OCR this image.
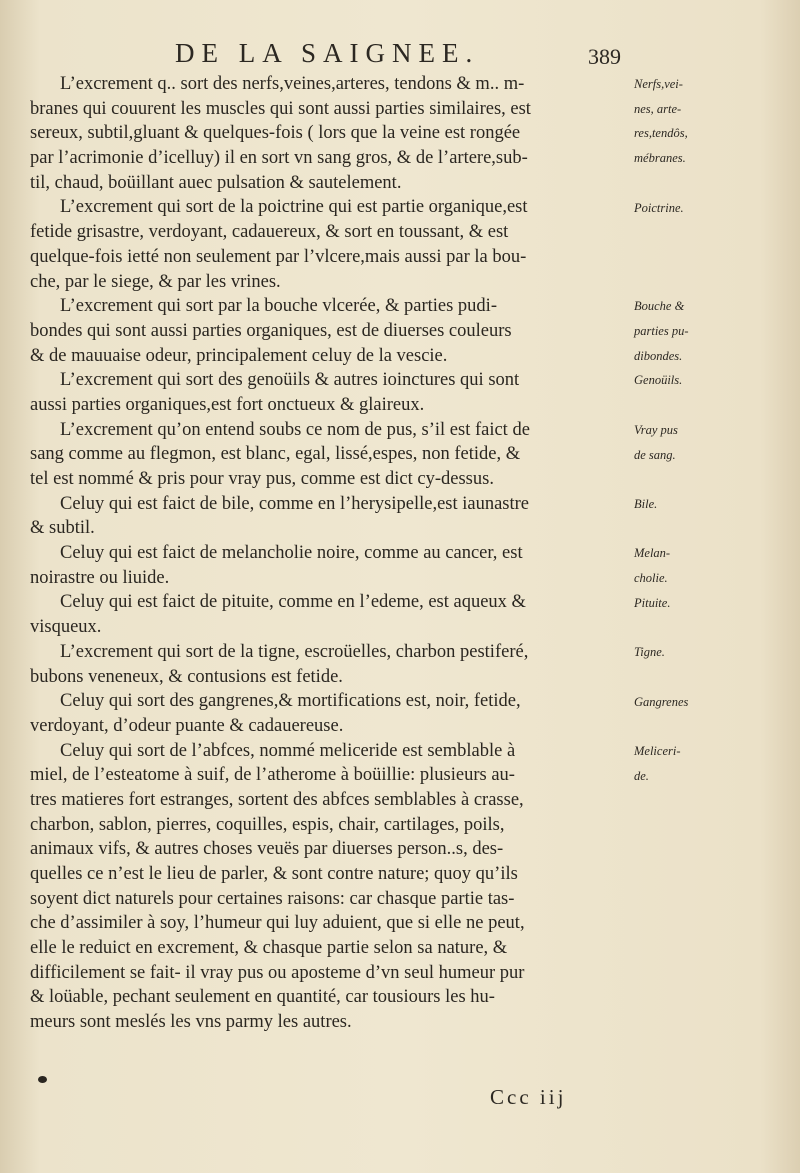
DE LA SAIGNEE.	389
L’excrement q.. sort des nerfs,veines,arteres, tendons & m.. m-
branes qui couurent les muscles qui sont aussi parties similaires, est
sereux, subtil,gluant & quelques-fois ( lors que la veine est rongée
par l’acrimonie d’icelluy) il en sort vn sang gros, & de l’artere,sub-
til, chaud, boüillant auec pulsation & sautelement.
L’excrement qui sort de la poictrine qui est partie organique,est
fetide grisastre, verdoyant, cadauereux, & sort en toussant, & est
quelque-fois ietté non seulement par l’vlcere,mais aussi par la bou-
che, par le siege, & par les vrines.
L’excrement qui sort par la bouche vlcerée, & parties pudi-
bondes qui sont aussi parties organiques, est de diuerses couleurs
& de mauuaise odeur, principalement celuy de la vescie.
L’excrement qui sort des genoüils & autres ioinctures qui sont
aussi parties organiques,est fort onctueux & glaireux.
L’excrement qu’on entend soubs ce nom de pus, s’il est faict de
sang comme au flegmon, est blanc, egal, lissé,espes, non fetide, &
tel est nommé & pris pour vray pus, comme est dict cy-dessus.
Celuy qui est faict de bile, comme en l’herysipelle,est iaunastre
& subtil.
Celuy qui est faict de melancholie noire, comme au cancer, est
noirastre ou liuide.
Celuy qui est faict de pituite, comme en l’edeme, est aqueux &
visqueux.
L’excrement qui sort de la tigne, escroüelles, charbon pestiferé,
bubons veneneux, & contusions est fetide.
Celuy qui sort des gangrenes,& mortifications est, noir, fetide,
verdoyant, d’odeur puante & cadauereuse.
Celuy qui sort de l’abfces, nommé meliceride est semblable à
miel, de l’esteatome à suif, de l’atherome à boüillie: plusieurs au-
tres matieres fort estranges, sortent des abfces semblables à crasse,
charbon, sablon, pierres, coquilles, espis, chair, cartilages, poils,
animaux vifs, & autres choses veuës par diuerses person..s, des-
quelles ce n’est le lieu de parler, & sont contre nature; quoy qu’ils
soyent dict naturels pour certaines raisons: car chasque partie tas-
che d’assimiler à soy, l’humeur qui luy aduient, que si elle ne peut,
elle le reduict en excrement, & chasque partie selon sa nature, &
difficilement se fait- il vray pus ou aposteme d’vn seul humeur pur
& loüable, pechant seulement en quantité, car tousiours les hu-
meurs sont meslés les vns parmy les autres.
Nerfs,vei-
nes, arte-
res,tendôs,
mébranes.
Poictrine.
Bouche &
parties pu-
dibondes.
Genoüils.
Vray pus
de sang.
Bile.
Melan-
cholie.
Pituite.
Tigne.
Gangrenes
Meliceri-
de.
Ccc iij
